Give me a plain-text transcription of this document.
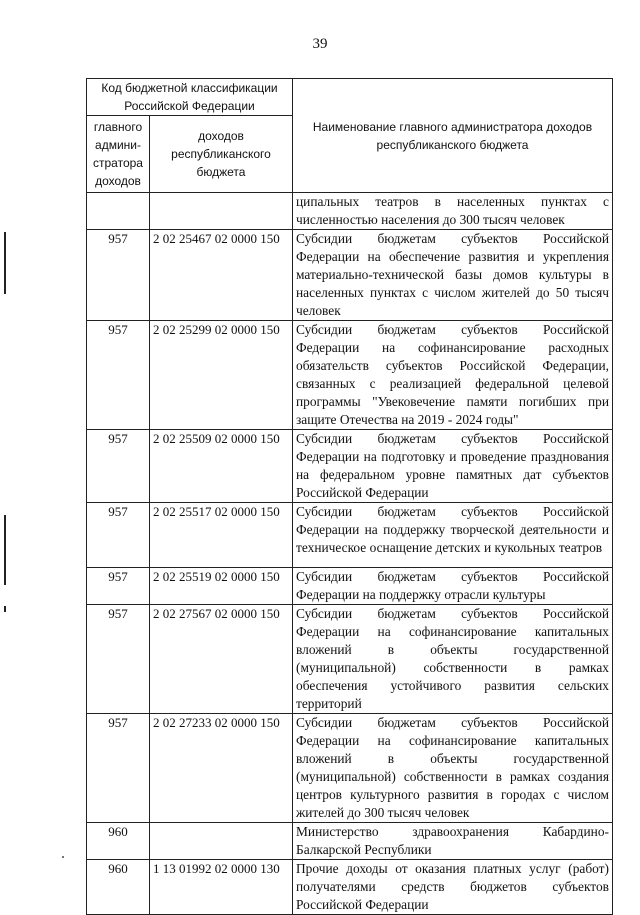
39
Код бюджетной классификации Российской Федерации		Наименование главного администратора доходов республиканского бюджета
главного админи-стратора доходов	доходов республиканского бюджета	

		ципальных театров в населенных пунктах с численностью населения до 300 тысяч человек

957	2 02 25467 02 0000 150	Субсидии бюджетам субъектов Российской Федерации на обеспечение развития и укрепления материально-технической базы домов культуры в населенных пунктах с числом жителей до 50 тысяч человек

957	2 02 25299 02 0000 150	Субсидии бюджетам субъектов Российской Федерации на софинансирование расходных обязательств субъектов Российской Федерации, связанных с реализацией федеральной целевой программы "Увековечение памяти погибших при защите Отечества на 2019 - 2024 годы"

957	2 02 25509 02 0000 150	Субсидии бюджетам субъектов Российской Федерации на подготовку и проведение празднования на федеральном уровне памятных дат субъектов Российской Федерации

957	2 02 25517 02 0000 150	Субсидии бюджетам субъектов Российской Федерации на поддержку творческой деятельности и техническое оснащение детских и кукольных театров

957	2 02 25519 02 0000 150	Субсидии бюджетам субъектов Российской Федерации на поддержку отрасли культуры

957	2 02 27567 02 0000 150	Субсидии бюджетам субъектов Российской Федерации на софинансирование капитальных вложений в объекты государственной (муниципальной) собственности в рамках обеспечения устойчивого развития сельских территорий

957	2 02 27233 02 0000 150	Субсидии бюджетам субъектов Российской Федерации на софинансирование капитальных вложений в объекты государственной (муниципальной) собственности в рамках создания центров культурного развития в городах с числом жителей до 300 тысяч человек

960		Министерство здравоохранения Кабардино-Балкарской Республики

960	1 13 01992 02 0000 130	Прочие доходы от оказания платных услуг (работ) получателями средств бюджетов субъектов Российской Федерации
